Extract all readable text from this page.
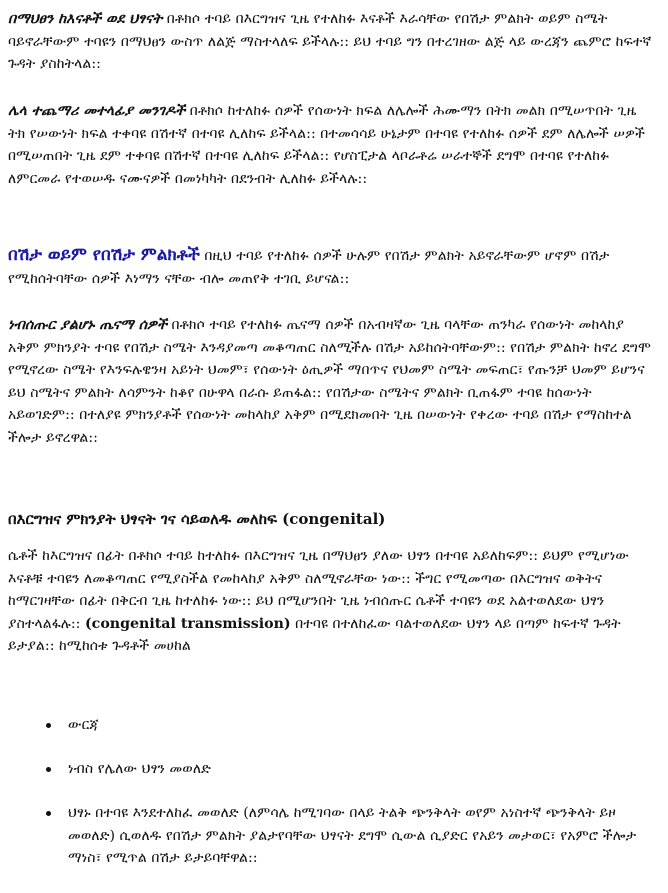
በማህፀን ከእናቶች ወደ ህፃናት በቶክሶ ተባይ በእርግዝና ጊዜ የተለከፉ እናቶች እራሳቸው የበሽታ ምልክት ወይም ስሜት ባይኖራቸውም ተባዩን በማህፀን ውስጥ ለልጅ ማስተላለፍ ይችላሉ:: ይህ ተባይ ግን በተረገዘው ልጅ ላይ ውረጃን ጨምሮ ከፍተኛ ጉዳት ያስከትላል::

ሌላ ተጨማሪ መተላፊያ መንገዶች በቶክሶ ከተለከፉ ሰዎች የሰውነት ክፍል ለሌሎች ሕሙማን በትክ መልክ በሚሠጥበት ጊዜ ትክ የሠውነት ክፍል ተቀባዩ በሽተኛ በተባዩ ሊለከፍ ይችላል:: በተመሳሳይ ሁኔታም በተባዩ የተለከፉ ሰዎች ደም ለሌሎች ሠዎች በሚሠጠበት ጊዜ ደም ተቀባዩ በሽተኛ በተባዩ ሊለከፍ ይችላል:: የሆስፒታል ላቦራቶሬ ሠራተኞች ደግሞ በተባዩ የተለከፉ ለምርመራ የተወሠዱ ናሙናዎች በመነካካት በደንብት ሊለከፉ ይችላሉ::

በሽታ ወይም የበሽታ ምልክቶች በዚህ ተባይ የተለከፉ ሰዎች ሁሉም የበሽታ ምልክት አይኖራቸውም ሆኖም በሽታ የሚከሰትባቸው ሰዎች እነማን ናቸው ብሎ መጠየቅ ተገቢ ይሆናል::

ነብሰጡር ያልሆኑ ጤናማ ሰዎች በቶክሶ ተባይ የተለከፉ ጤናማ ሰዎች በአብዛኛው ጊዜ ባላቸው ጠንካራ የሰውነት መከላከያ አቅም ምክንያት ተባዩ የበሽታ ስሜት እንዳያመጣ መቆጣጠር ስለሚችሉ በሽታ አይከሰትባቸውም:: የበሽታ ምልክት ከኖረ ደግሞ የሚኖረው ስሜት የእንፍሉዌንዛ አይነት ህመም፣ የሰውነት ዕጢዎች ማበጥና የህመም ስሜት መፍጠር፣ የጡንቻ ህመም ይሆንና ይህ ስሜትና ምልክት ለሳምንት ከቆየ በሁዋላ በራሱ ይጠፋል:: የበሽታው ስሜትና ምልክት ቢጠፋም ተባዩ ከሰውነት አይወገድም:: በተለያዩ ምክንያቶች የሰውነት መከላከያ አቅም በሚደክመበት ጊዜ በሠውነት የቀረው ተባይ በሽታ የማስከተል ችሎታ ይኖረዋል::

በእርግዝና ምክንያት ህፃናት ገና ሳይወለዱ መለከፍ (congenital)

ሴቶች ከእርግዝና በፊት በቶክሶ ተባይ ከተለከፉ በእርግዝና ጊዜ በማህፀን ያለው ህፃን በተባዩ አይለከፍም:: ይህም የሚሆነው እናቶቹ ተባዩን ለመቆጣጠር የሚያስችል የመከላከያ አቅም ስለሚኖራቸው ነው:: ችግር የሚመጣው በእርግዝና ወቅትና ከማርገዛቸው በፊት በቅርብ ጊዜ ከተለከፉ ነው:: ይህ በሚሆንበት ጊዜ ነብሰጡር ሴቶች ተባዩን ወደ አልተወለደው ህፃን ያስተላልፋሉ:: (congenital transmission) በተባዩ በተለከፈው ባልተወለደው ህፃን ላይ በጣም ከፍተኛ ጉዳት ይታያል:: ከሚከሰቱ ጉዳቶች መሀከል

ውርጃ
ነብስ የሌለው ህፃን መወለድ
ህፃኑ በተባዩ እንደተለከፈ መወለድ (ለምሳሌ ከሚገባው በላይ ትልቅ ጭንቅላት ወየም አነስተኛ ጭንቅላት ይዞ መወለድ) ሲወለዱ የበሽታ ምልክት ያልታየባቸው ህፃናት ደግሞ ሲውል ሲያድር የአይን መታወር፣ የአምሮ ችሎታ ማነስ፣ የሚጥል በሽታ ይታይባቸዋል::
